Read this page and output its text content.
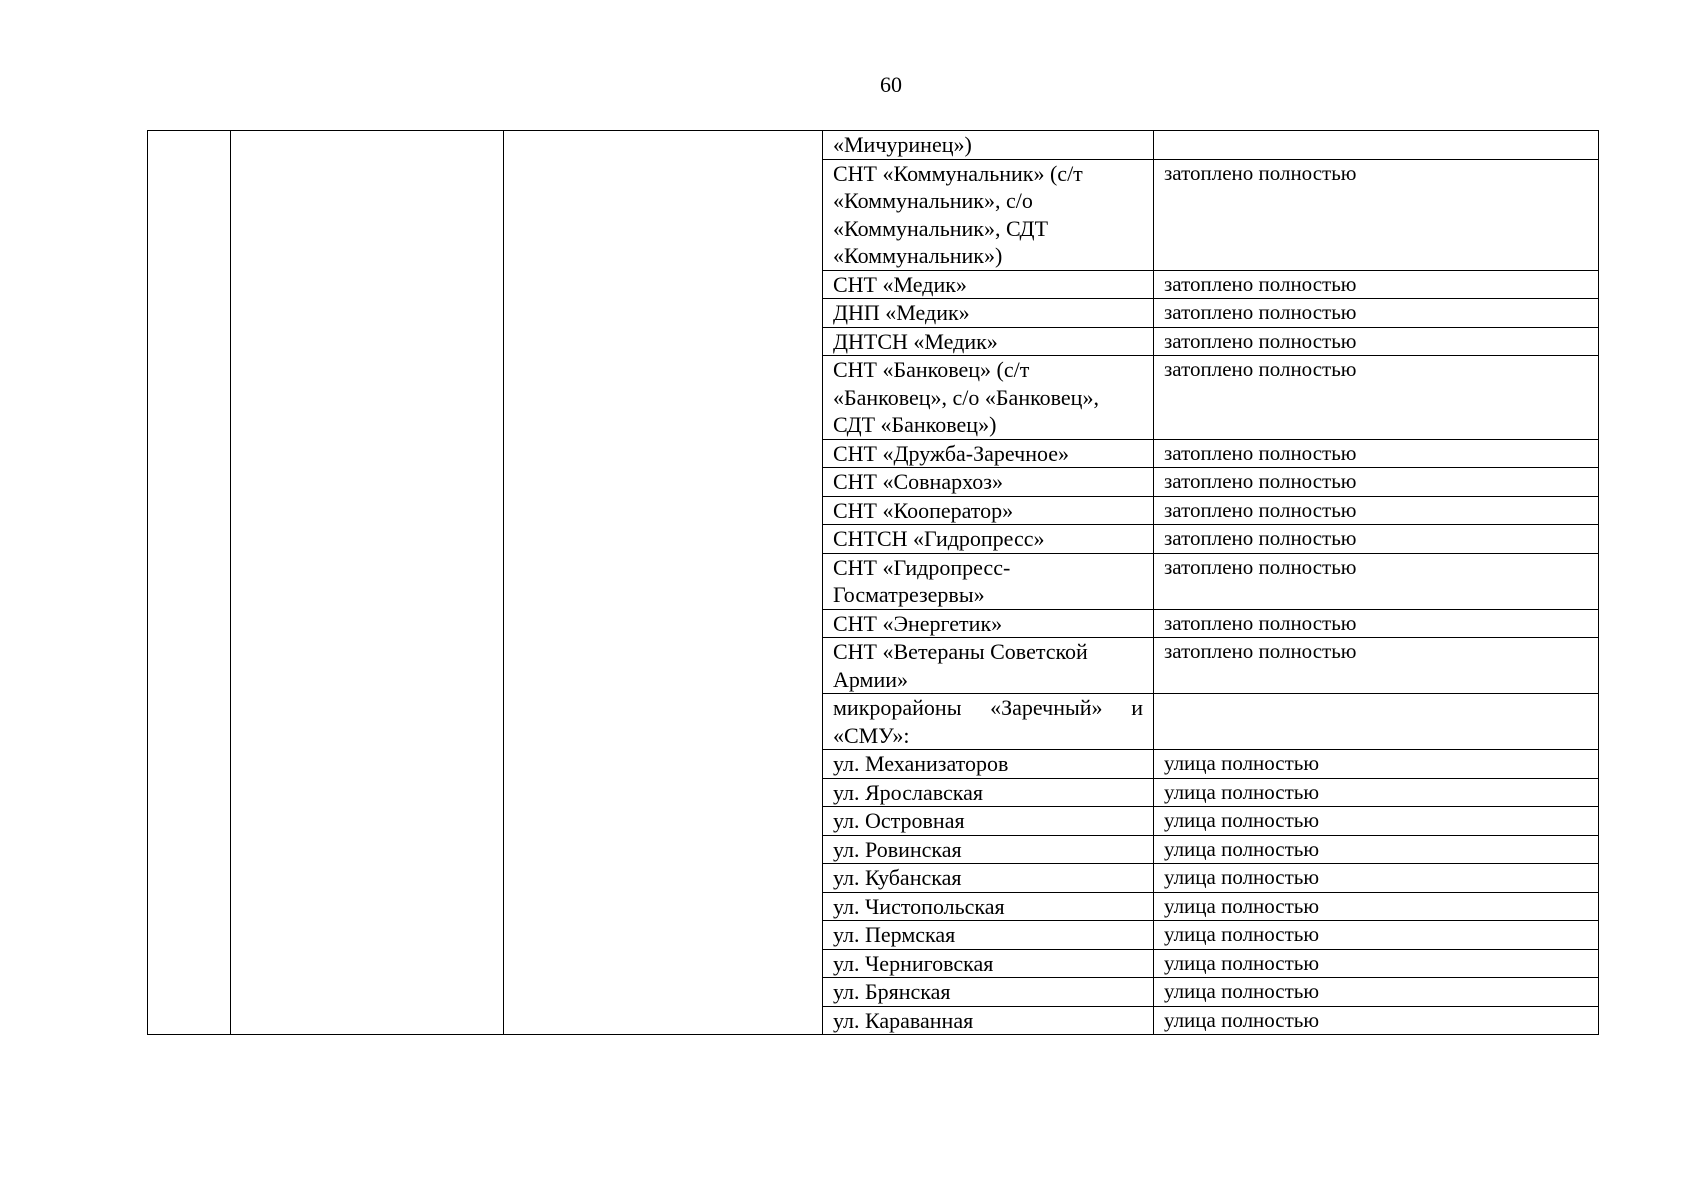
60
			«Мичуринец»)	

			СНТ «Коммунальник» (с/т
«Коммунальник», с/о
«Коммунальник», СДТ
«Коммунальник»)	затоплено полностью
			СНТ «Медик»	затоплено полностью
			ДНП «Медик»	затоплено полностью
			ДНТСН «Медик»	затоплено полностью

			СНТ «Банковец» (с/т
«Банковец», с/о «Банковец»,
СДТ «Банковец»)	затоплено полностью
			СНТ «Дружба-Заречное»	затоплено полностью
			СНТ «Совнархоз»	затоплено полностью
			СНТ «Кооператор»	затоплено полностью
			СНТСН «Гидропресс»	затоплено полностью

			СНТ «Гидропресс-
Госматрезервы»	затоплено полностью
			СНТ «Энергетик»	затоплено полностью

			СНТ «Ветераны Советской
Армии»	затоплено полностью

			микрорайоны «Заречный» и
«СМУ»:	

			ул. Механизаторов	улица полностью
			ул. Ярославская	улица полностью
			ул. Островная	улица полностью
			ул. Ровинская	улица полностью
			ул. Кубанская	улица полностью
			ул. Чистопольская	улица полностью
			ул. Пермская	улица полностью
			ул. Черниговская	улица полностью
			ул. Брянская	улица полностью
			ул. Караванная	улица полностью
